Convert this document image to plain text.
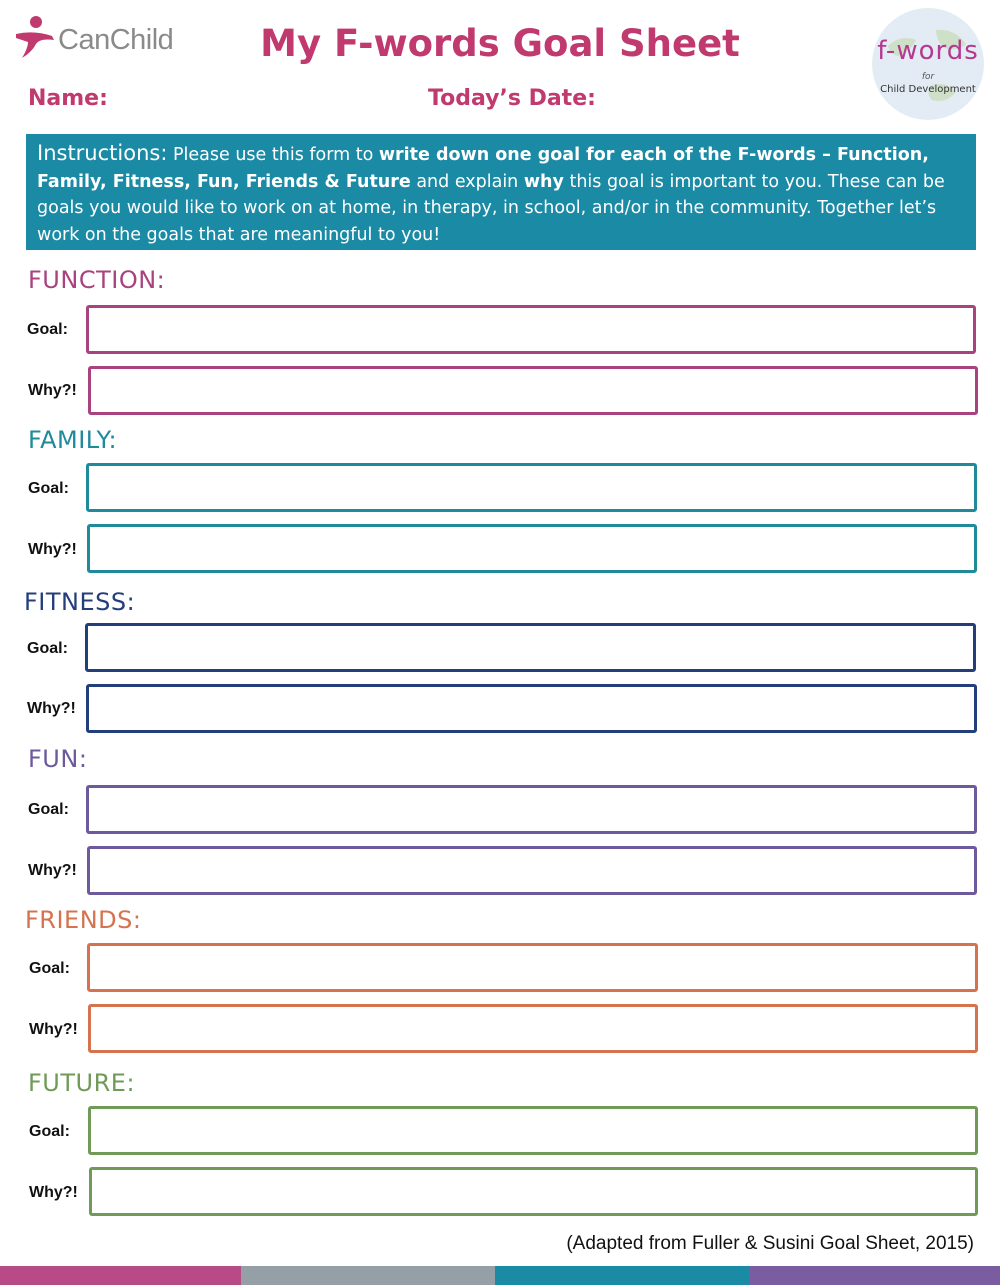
CanChild	My F-words Goal Sheet	f-words
for
Child Development
Name:	Today’s Date:
Instructions: Please use this form to write down one goal for each of the F-words – Function, Family, Fitness, Fun, Friends & Future and explain why this goal is important to you. These can be goals you would like to work on at home, in therapy, in school, and/or in the community. Together let’s work on the goals that are meaningful to you!
FUNCTION:
Goal:
Why?!
FAMILY:
Goal:
Why?!
FITNESS:
Goal:
Why?!
FUN:
Goal:
Why?!
FRIENDS:
Goal:
Why?!
FUTURE:
Goal:
Why?!
(Adapted from Fuller & Susini Goal Sheet, 2015)
